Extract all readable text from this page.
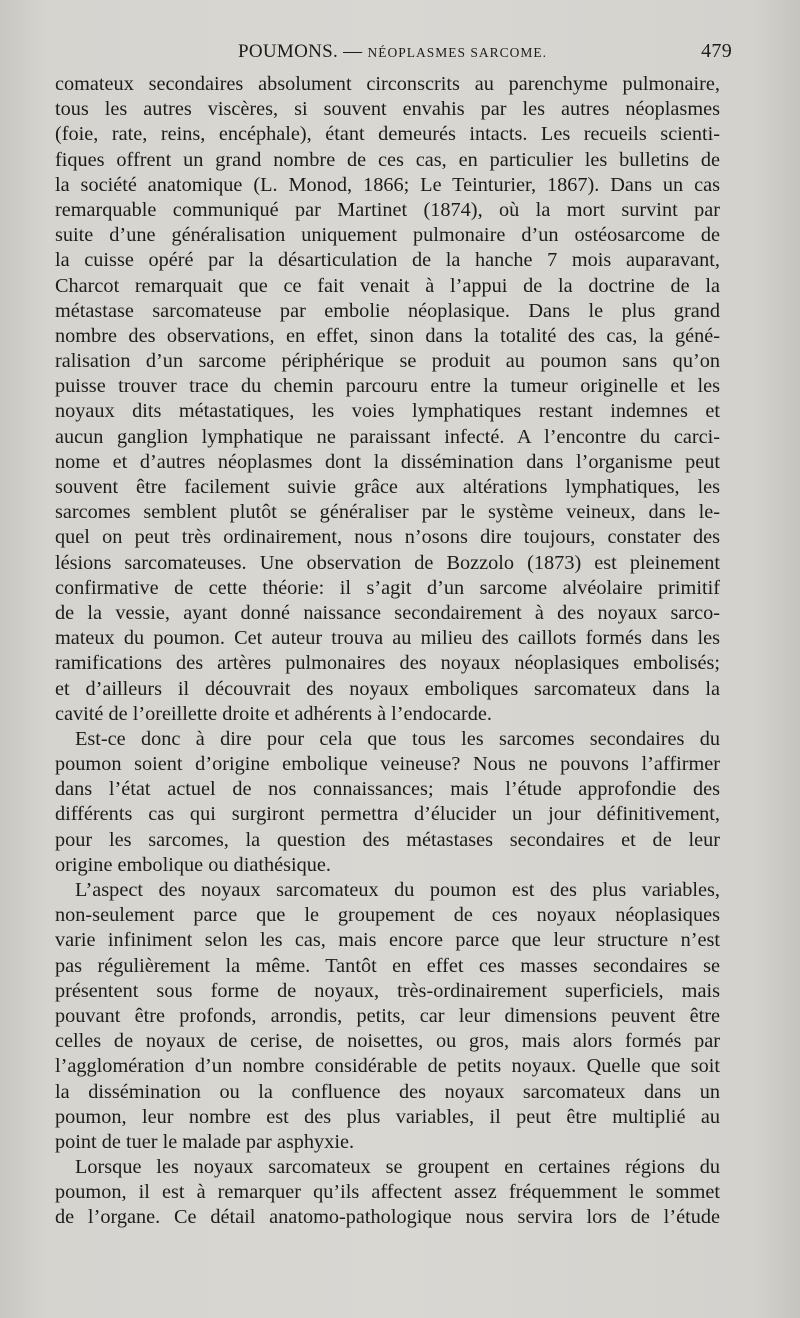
POUMONS. — NÉOPLASMES SARCOME.	479
comateux secondaires absolument circonscrits au parenchyme pulmonaire,
tous les autres viscères, si souvent envahis par les autres néoplasmes
(foie, rate, reins, encéphale), étant demeurés intacts. Les recueils scienti-
fiques offrent un grand nombre de ces cas, en particulier les bulletins de
la société anatomique (L. Monod, 1866; Le Teinturier, 1867). Dans un cas
remarquable communiqué par Martinet (1874), où la mort survint par
suite d’une généralisation uniquement pulmonaire d’un ostéosarcome de
la cuisse opéré par la désarticulation de la hanche 7 mois auparavant,
Charcot remarquait que ce fait venait à l’appui de la doctrine de la
métastase sarcomateuse par embolie néoplasique. Dans le plus grand
nombre des observations, en effet, sinon dans la totalité des cas, la géné-
ralisation d’un sarcome périphérique se produit au poumon sans qu’on
puisse trouver trace du chemin parcouru entre la tumeur originelle et les
noyaux dits métastatiques, les voies lymphatiques restant indemnes et
aucun ganglion lymphatique ne paraissant infecté. A l’encontre du carci-
nome et d’autres néoplasmes dont la dissémination dans l’organisme peut
souvent être facilement suivie grâce aux altérations lymphatiques, les
sarcomes semblent plutôt se généraliser par le système veineux, dans le-
quel on peut très ordinairement, nous n’osons dire toujours, constater des
lésions sarcomateuses. Une observation de Bozzolo (1873) est pleinement
confirmative de cette théorie: il s’agit d’un sarcome alvéolaire primitif
de la vessie, ayant donné naissance secondairement à des noyaux sarco-
mateux du poumon. Cet auteur trouva au milieu des caillots formés dans les
ramifications des artères pulmonaires des noyaux néoplasiques embolisés;
et d’ailleurs il découvrait des noyaux emboliques sarcomateux dans la
cavité de l’oreillette droite et adhérents à l’endocarde.
Est-ce donc à dire pour cela que tous les sarcomes secondaires du
poumon soient d’origine embolique veineuse? Nous ne pouvons l’affirmer
dans l’état actuel de nos connaissances; mais l’étude approfondie des
différents cas qui surgiront permettra d’élucider un jour définitivement,
pour les sarcomes, la question des métastases secondaires et de leur
origine embolique ou diathésique.
L’aspect des noyaux sarcomateux du poumon est des plus variables,
non-seulement parce que le groupement de ces noyaux néoplasiques
varie infiniment selon les cas, mais encore parce que leur structure n’est
pas régulièrement la même. Tantôt en effet ces masses secondaires se
présentent sous forme de noyaux, très-ordinairement superficiels, mais
pouvant être profonds, arrondis, petits, car leur dimensions peuvent être
celles de noyaux de cerise, de noisettes, ou gros, mais alors formés par
l’agglomération d’un nombre considérable de petits noyaux. Quelle que soit
la dissémination ou la confluence des noyaux sarcomateux dans un
poumon, leur nombre est des plus variables, il peut être multiplié au
point de tuer le malade par asphyxie.
Lorsque les noyaux sarcomateux se groupent en certaines régions du
poumon, il est à remarquer qu’ils affectent assez fréquemment le sommet
de l’organe. Ce détail anatomo-pathologique nous servira lors de l’étude
